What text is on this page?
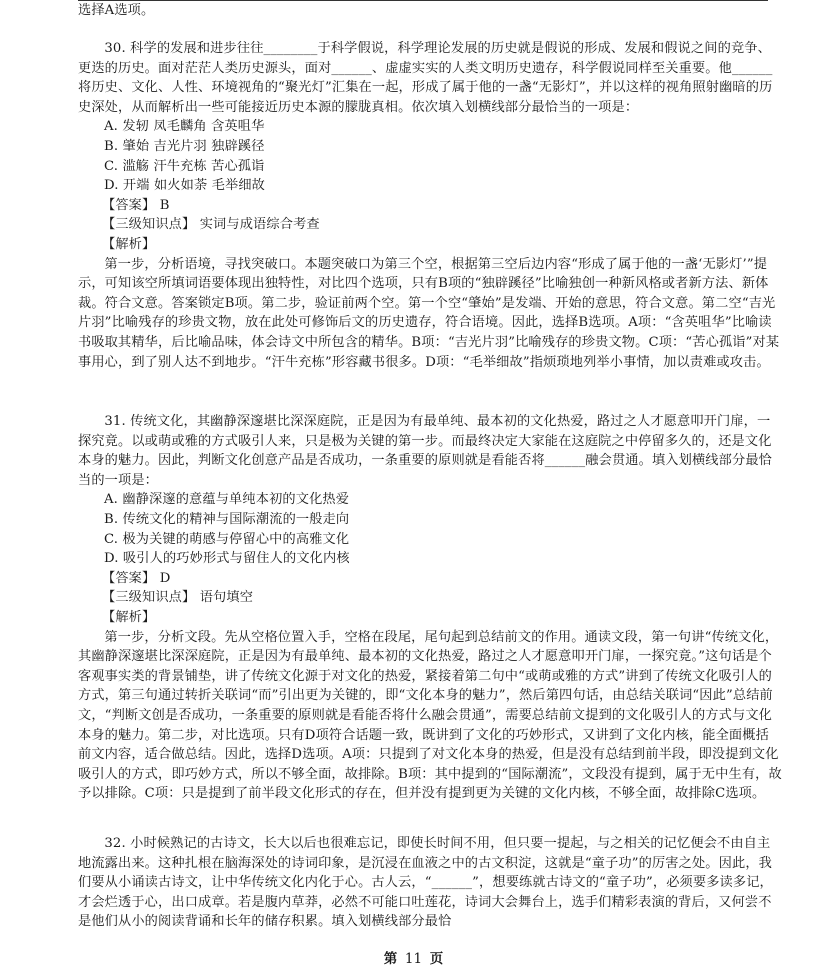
选择A选项。

30. 科学的发展和进步往往________于科学假说，科学理论发展的历史就是假说的形成、发展和假说之间的竞争、更迭的历史。面对茫茫人类历史源头，面对______、虚虚实实的人类文明历史遗存，科学假说同样至关重要。他______将历史、文化、人性、环境视角的“聚光灯”汇集在一起，形成了属于他的一盏“无影灯”，并以这样的视角照射幽暗的历史深处，从而解析出一些可能接近历史本源的朦胧真相。依次填入划横线部分最恰当的一项是：

A. 发轫 凤毛麟角 含英咀华

B. 肇始 吉光片羽 独辟蹊径

C. 滥觞 汗牛充栋 苦心孤诣

D. 开端 如火如荼 毛举细故

【答案】 B

【三级知识点】 实词与成语综合考查

【解析】

第一步，分析语境，寻找突破口。本题突破口为第三个空，根据第三空后边内容“形成了属于他的一盏‘无影灯’”提示，可知该空所填词语要体现出独特性，对比四个选项，只有B项的“独辟蹊径”比喻独创一种新风格或者新方法、新体裁。符合文意。答案锁定B项。第二步，验证前两个空。第一个空“肇始”是发端、开始的意思，符合文意。第二空“吉光片羽”比喻残存的珍贵文物，放在此处可修饰后文的历史遗存，符合语境。因此，选择B选项。A项：“含英咀华”比喻读书吸取其精华，后比喻品味，体会诗文中所包含的精华。B项：“吉光片羽”比喻残存的珍贵文物。C项：“苦心孤诣”对某事用心，到了别人达不到地步。“汗牛充栋”形容藏书很多。D项：“毛举细故”指烦琐地列举小事情，加以责难或攻击。

31. 传统文化，其幽静深邃堪比深深庭院，正是因为有最单纯、最本初的文化热爱，路过之人才愿意叩开门扉，一探究竟。以或萌或雅的方式吸引人来，只是极为关键的第一步。而最终决定大家能在这庭院之中停留多久的，还是文化本身的魅力。因此，判断文化创意产品是否成功，一条重要的原则就是看能否将______融会贯通。填入划横线部分最恰当的一项是：

A. 幽静深邃的意蕴与单纯本初的文化热爱

B. 传统文化的精神与国际潮流的一般走向

C. 极为关键的萌感与停留心中的高雅文化

D. 吸引人的巧妙形式与留住人的文化内核

【答案】 D

【三级知识点】 语句填空

【解析】

第一步，分析文段。先从空格位置入手，空格在段尾，尾句起到总结前文的作用。通读文段，第一句讲“传统文化，其幽静深邃堪比深深庭院，正是因为有最单纯、最本初的文化热爱，路过之人才愿意叩开门扉，一探究竟。”这句话是个客观事实类的背景铺垫，讲了传统文化源于对文化的热爱，紧接着第二句中“或萌或雅的方式”讲到了传统文化吸引人的方式，第三句通过转折关联词“而”引出更为关键的，即“文化本身的魅力”，然后第四句话，由总结关联词“因此”总结前文，“判断文创是否成功，一条重要的原则就是看能否将什么融会贯通”，需要总结前文提到的文化吸引人的方式与文化本身的魅力。第二步，对比选项。只有D项符合话题一致，既讲到了文化的巧妙形式，又讲到了文化内核，能全面概括前文内容，适合做总结。因此，选择D选项。A项：只提到了对文化本身的热爱，但是没有总结到前半段，即没提到文化吸引人的方式，即巧妙方式，所以不够全面，故排除。B项：其中提到的“国际潮流”，文段没有提到，属于无中生有，故予以排除。C项：只是提到了前半段文化形式的存在，但并没有提到更为关键的文化内核，不够全面，故排除C选项。

32. 小时候熟记的古诗文，长大以后也很难忘记，即使长时间不用，但只要一提起，与之相关的记忆便会不由自主地流露出来。这种扎根在脑海深处的诗词印象，是沉浸在血液之中的古文积淀，这就是“童子功”的厉害之处。因此，我们要从小诵读古诗文，让中华传统文化内化于心。古人云，“______”，想要练就古诗文的“童子功”，必须要多读多记，才会烂透于心，出口成章。若是腹内草莽，必然不可能口吐莲花，诗词大会舞台上，选手们精彩表演的背后，又何尝不是他们从小的阅读背诵和长年的储存积累。填入划横线部分最恰

第 11 页
